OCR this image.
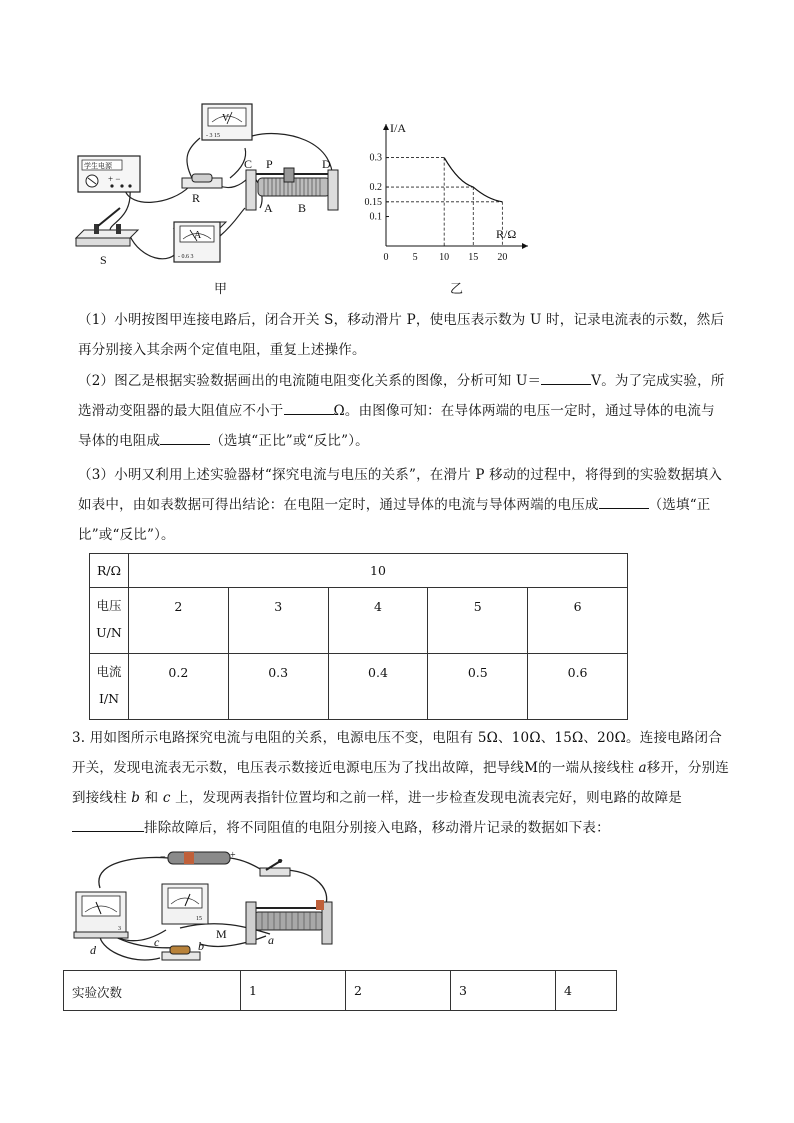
V
- 3 15
学生电源
+ −
R
C P	D
A B
S
A
- 0.6 3
甲
I/A
R/Ω
0 5 10 15 20
0.3
0.2
0.15
0.1
乙
（1）小明按图甲连接电路后，闭合开关 S，移动滑片 P，使电压表示数为 U 时，记录电流表的示数，然后再分别接入其余两个定值电阻，重复上述操作。
（2）图乙是根据实验数据画出的电流随电阻变化关系的图像，分析可知 U＝	V。为了完成实验，所选滑动变阻器的最大阻值应不小于	Ω。由图像可知：在导体两端的电压一定时，通过导体的电流与导体的电阻成	（选填“正比”或“反比”）。
（3）小明又利用上述实验器材“探究电流与电压的关系”，在滑片 P 移动的过程中，将得到的实验数据填入如表中，由如表数据可得出结论：在电阻一定时，通过导体的电流与导体两端的电压成	（选填“正比”或“反比”）。
R/Ω	10				

电压
U/N	2	3	4	5	6

电流
I/N	0.2	0.3	0.4	0.5	0.6
3. 用如图所示电路探究电流与电阻的关系，电源电压不变，电阻有 5Ω、10Ω、15Ω、20Ω。连接电路闭合开关，发现电流表无示数，电压表示数接近电源电压为了找出故障，把导线M的一端从接线柱 a移开，分别连到接线柱 b 和 c 上，发现两表指针位置均和之前一样，进一步检查发现电流表完好，则电路的故障是
排除故障后，将不同阻值的电阻分别接入电路，移动滑片记录的数据如下表：
−	+
3
15
d
c	b
M	a
实验次数	1	2	3	4
